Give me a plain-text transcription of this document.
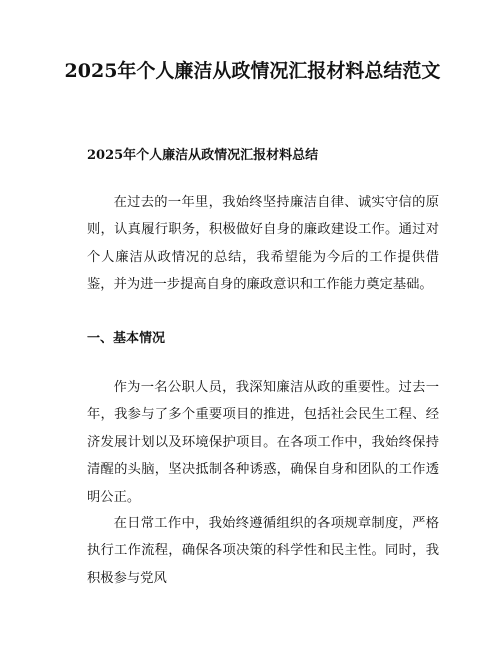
2025年个人廉洁从政情况汇报材料总结范文

2025年个人廉洁从政情况汇报材料总结

在过去的一年里，我始终坚持廉洁自律、诚实守信的原则，认真履行职务，积极做好自身的廉政建设工作。通过对个人廉洁从政情况的总结，我希望能为今后的工作提供借鉴，并为进一步提高自身的廉政意识和工作能力奠定基础。

一、基本情况

作为一名公职人员，我深知廉洁从政的重要性。过去一年，我参与了多个重要项目的推进，包括社会民生工程、经济发展计划以及环境保护项目。在各项工作中，我始终保持清醒的头脑，坚决抵制各种诱惑，确保自身和团队的工作透明公正。

在日常工作中，我始终遵循组织的各项规章制度，严格执行工作流程，确保各项决策的科学性和民主性。同时，我积极参与党风
